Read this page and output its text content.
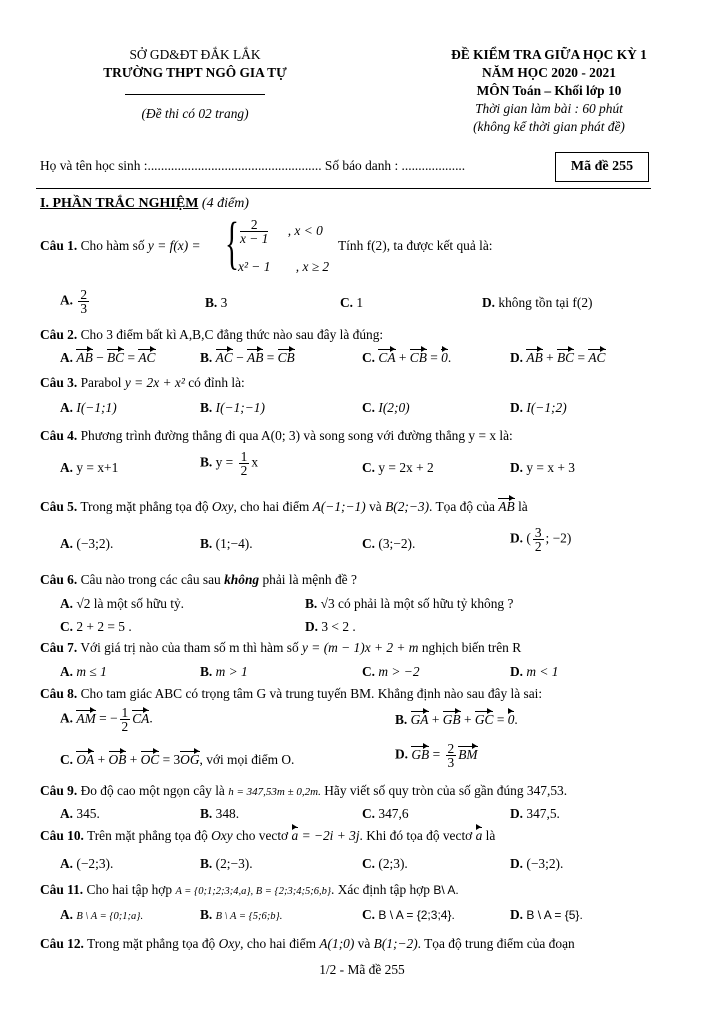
SỞ GD&ĐT ĐẮK LẮK
TRƯỜNG THPT NGÔ GIA TỰ
(Đề thi có 02 trang)
ĐỀ KIỂM TRA GIỮA HỌC KỲ 1
NĂM HỌC 2020 - 2021
MÔN Toán – Khối lớp 10
Thời gian làm bài : 60 phút
(không kể thời gian phát đề)
Họ và tên học sinh :.................................................... Số báo danh : ...................	Mã đề 255
I. PHẦN TRẮC NGHIỆM (4 điểm)
Câu 1. Cho hàm số y = f(x) = { $\frac{2}{x - 1}$ , x < 0
x² − 1 , x ≥ 2
Tính f(2), ta được kết quả là:
A. $\frac{2}{3}$	B. 3	C. 1	D. không tồn tại f(2)
Câu 2. Cho 3 điểm bất kì A,B,C đẳng thức nào sau đây là đúng:
A. AB − BC = AC	B. AC − AB = CB	C. CA + CB = 0.	D. AB + BC = AC
Câu 3. Parabol y = 2x + x² có đỉnh là:
A. I(−1;1)	B. I(−1;−1)	C. I(2;0)	D. I(−1;2)
Câu 4. Phương trình đường thẳng đi qua A(0; 3) và song song với đường thẳng y = x là:
A. y = x+1	B. $y = \frac{1}{2}$ x	C. y = 2x + 2	D. y = x + 3
Câu 5. Trong mặt phẳng tọa độ Oxy, cho hai điểm A(−1;−1) và B(2;−3). Tọa độ của AB là
A. (−3;2).	B. (1;−4).	C. (3;−2).	D. ( $\frac{3}{2}$ ; −2)
Câu 6. Câu nào trong các câu sau không phải là mệnh đề ?
A. √2 là một số hữu tỷ.	B. √3 có phải là một số hữu tỷ không ?
C. 2 + 2 = 5 .	D. 3 < 2 .
Câu 7. Với giá trị nào của tham số m thì hàm số y = (m − 1)x + 2 + m nghịch biến trên R
A. m ≤ 1	B. m > 1	C. m > −2	D. m < 1
Câu 8. Cho tam giác ABC có trọng tâm G và trung tuyến BM. Khẳng định nào sau đây là sai:
A. AM = − $\frac{1}{2}$ CA.	B. GA + GB + GC = 0.
C. OA + OB + OC = 3OG, với mọi điểm O.	D. GB = $\frac{2}{3}$ BM
Câu 9. Đo độ cao một ngọn cây là h = 347,53m ± 0,2m. Hãy viết số quy tròn của số gần đúng 347,53.
A. 345.	B. 348.	C. 347,6	D. 347,5.
Câu 10. Trên mặt phẳng tọa độ Oxy cho vectơ a = −2i + 3j. Khi đó tọa độ vectơ a là
A. (−2;3).	B. (2;−3).	C. (2;3).	D. (−3;2).
Câu 11. Cho hai tập hợp A = {0;1;2;3;4,a}, B = {2;3;4;5;6,b}. Xác định tập hợp B\ A.
A. B \ A = {0;1;a}.	B. B \ A = {5;6;b}.	C. B \ A = {2;3;4}.	D. B \ A = {5}.
Câu 12. Trong mặt phẳng tọa độ Oxy, cho hai điểm A(1;0) và B(1;−2). Tọa độ trung điểm của đoạn
1/2 - Mã đề 255
